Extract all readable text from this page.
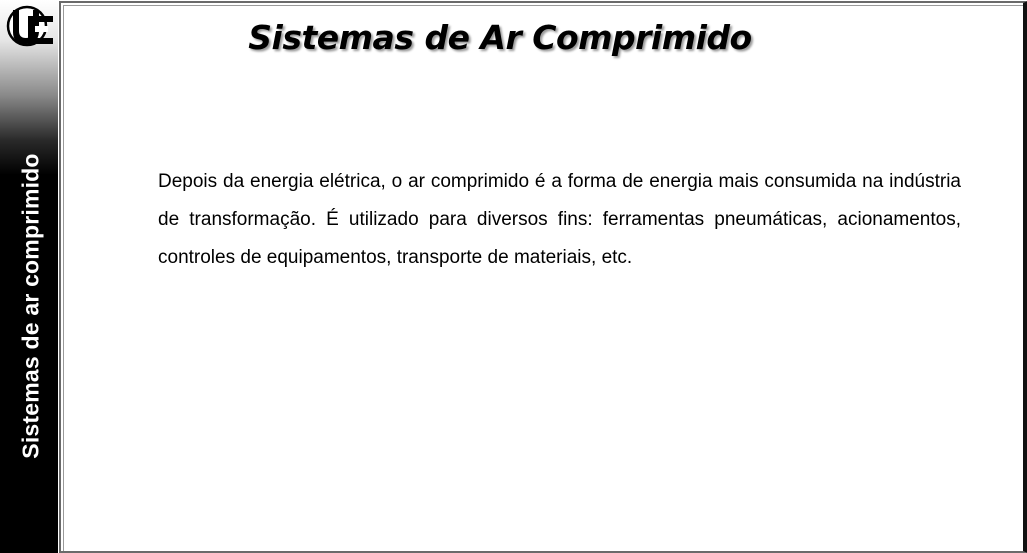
Sistemas de ar comprimido
Sistemas de Ar Comprimido

Depois da energia elétrica, o ar comprimido é a forma de energia mais consumida na indústria de transformação. É utilizado para diversos fins: ferramentas pneumáticas, acionamentos, controles de equipamentos, transporte de materiais, etc.
